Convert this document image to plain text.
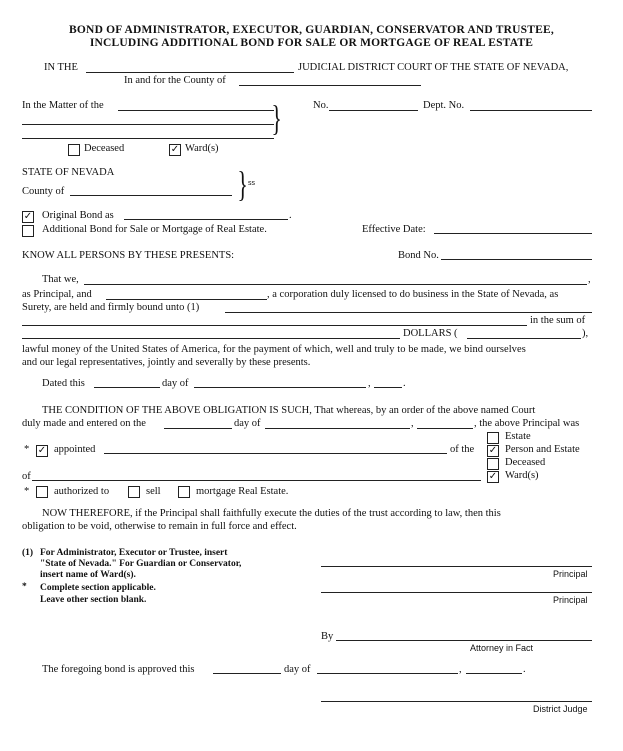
BOND OF ADMINISTRATOR, EXECUTOR, GUARDIAN, CONSERVATOR AND TRUSTEE,
INCLUDING ADDITIONAL BOND FOR SALE OR MORTGAGE OF REAL ESTATE
IN THE	JUDICIAL DISTRICT COURT OF THE STATE OF NEVADA,
In and for the County of
In the Matter of the	}	No.	Dept. No.
Deceased	✓ Ward(s)
STATE OF NEVADA
County of	} ss
✓ Original Bond as	.
Additional Bond for Sale or Mortgage of Real Estate.	Effective Date:
KNOW ALL PERSONS BY THESE PRESENTS:	Bond No.
That we,	,
as Principal, and	, a corporation duly licensed to do business in the State of Nevada, as
Surety, are held and firmly bound unto (1)
in the sum of
DOLLARS (	),
lawful money of the United States of America, for the payment of which, well and truly to be made, we bind ourselves
and our legal representatives, jointly and severally by these presents.
Dated this	day of	,	.
THE CONDITION OF THE ABOVE OBLIGATION IS SUCH, That whereas, by an order of the above named Court
duly made and entered on the	day of	,	, the above Principal was
Estate
* ✓ appointed	of the ✓ Person and Estate
Deceased
of	✓ Ward(s)
* authorized to	sell	mortgage Real Estate.
NOW THEREFORE, if the Principal shall faithfully execute the duties of the trust according to law, then this
obligation to be void, otherwise to remain in full force and effect.
(1) For Administrator, Executor or Trustee, insert
"State of Nevada." For Guardian or Conservator,
insert name of Ward(s).
* Complete section applicable.
Leave other section blank.
Principal
Principal
By
Attorney in Fact
The foregoing bond is approved this	day of	,	.
District Judge
